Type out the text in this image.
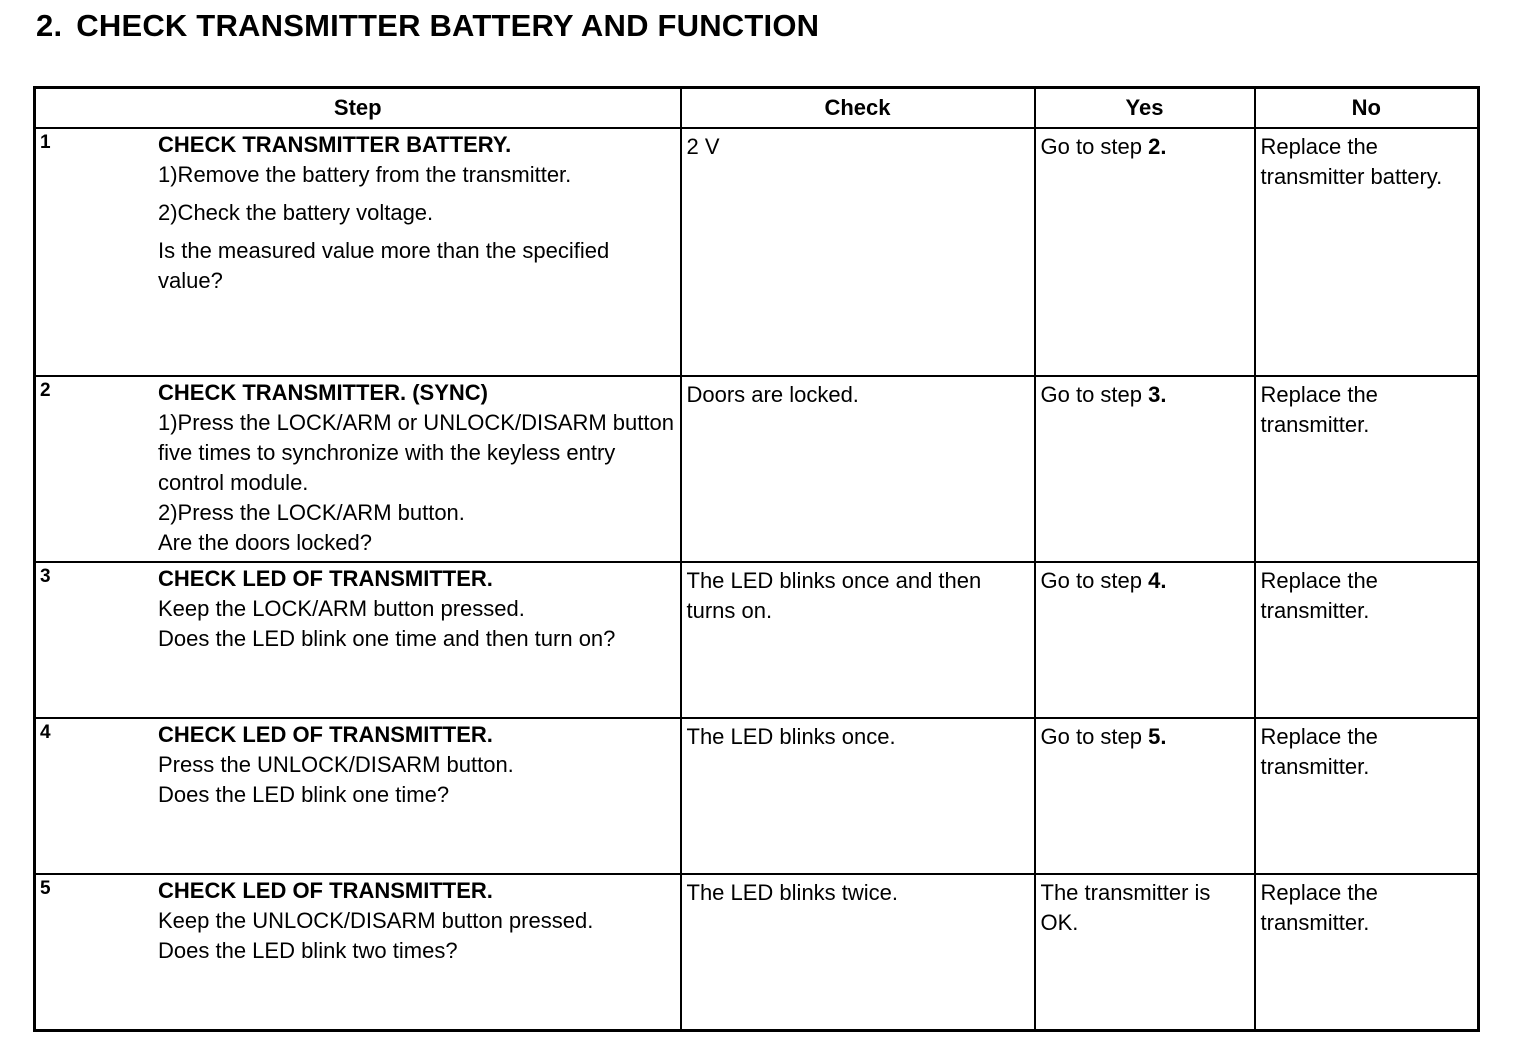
2. CHECK TRANSMITTER BATTERY AND FUNCTION
Step	Check	Yes	No

1 CHECK TRANSMITTER BATTERY.
1)Remove the battery from the transmitter.
2)Check the battery voltage.
Is the measured value more than the specified value?	2 V	Go to step 2.	Replace the transmitter battery.

2 CHECK TRANSMITTER. (SYNC)
1)Press the LOCK/ARM or UNLOCK/DISARM button five times to synchronize with the keyless entry control module.
2)Press the LOCK/ARM button.
Are the doors locked?	Doors are locked.	Go to step 3.	Replace the transmitter.

3 CHECK LED OF TRANSMITTER.
Keep the LOCK/ARM button pressed.
Does the LED blink one time and then turn on?	The LED blinks once and then turns on.	Go to step 4.	Replace the transmitter.

4 CHECK LED OF TRANSMITTER.
Press the UNLOCK/DISARM button.
Does the LED blink one time?	The LED blinks once.	Go to step 5.	Replace the transmitter.

5 CHECK LED OF TRANSMITTER.
Keep the UNLOCK/DISARM button pressed.
Does the LED blink two times?	The LED blinks twice.	The transmitter is OK.	Replace the transmitter.
